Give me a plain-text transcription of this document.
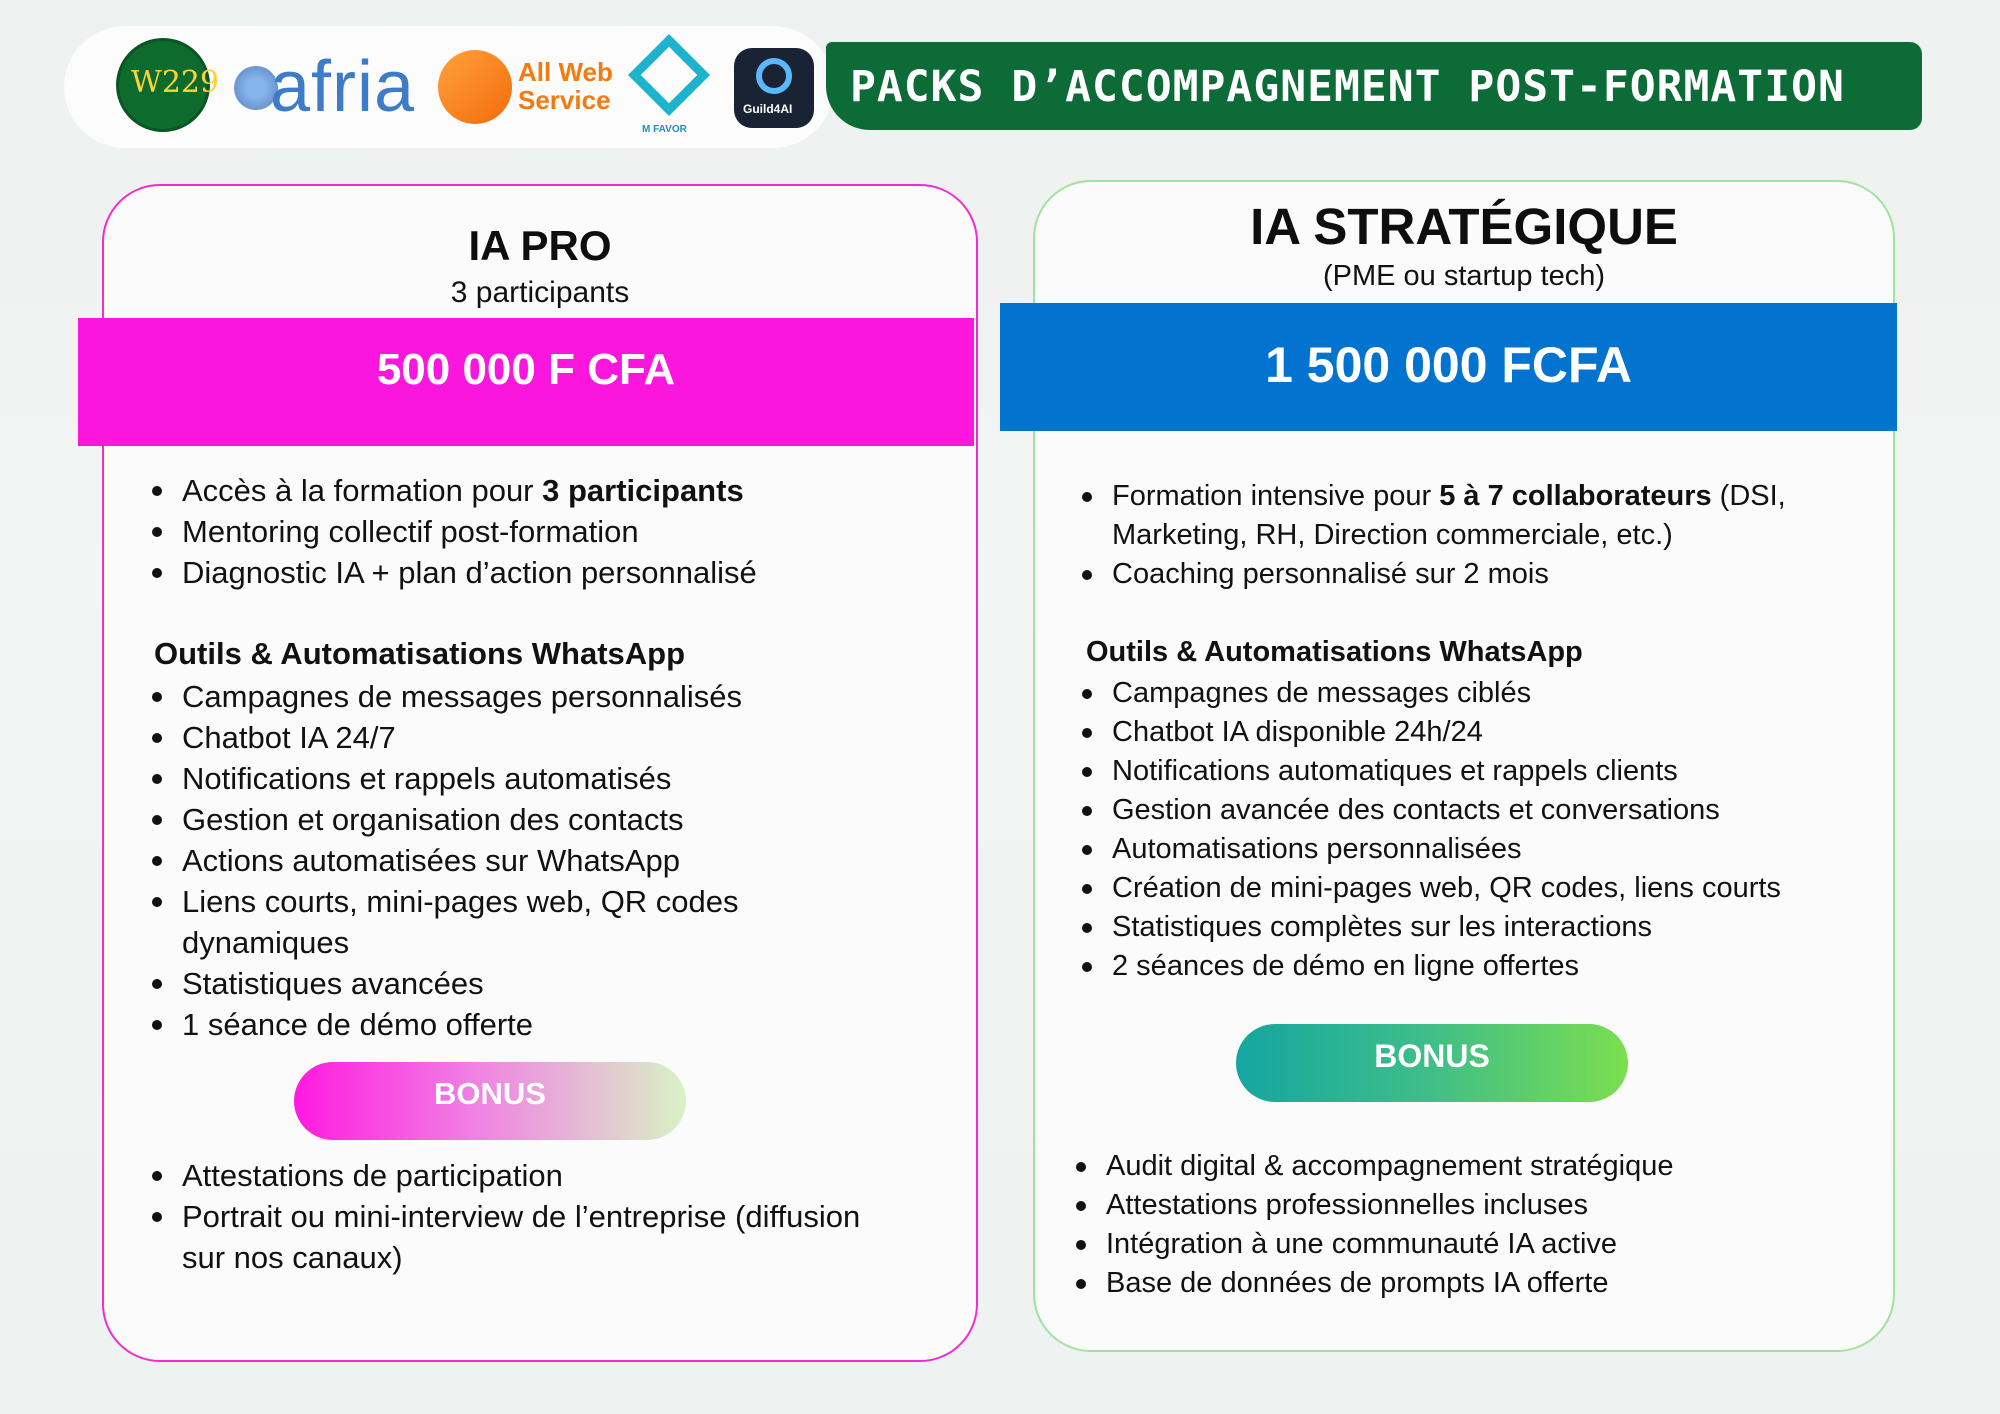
W229 afria	All Web
Service
M FAVOR
Guild4AI PACKS D’ACCOMPAGNEMENT POST-FORMATION
IA PRO
3 participants
500 000 F CFA
Accès à la formation pour 3 participants
Mentoring collectif post-formation
Diagnostic IA + plan d’action personnalisé
Outils & Automatisations WhatsApp
Campagnes de messages personnalisés
Chatbot IA 24/7
Notifications et rappels automatisés
Gestion et organisation des contacts
Actions automatisées sur WhatsApp
Liens courts, mini-pages web, QR codes dynamiques
Statistiques avancées
1 séance de démo offerte
BONUS
Attestations de participation
Portrait ou mini-interview de l’entreprise (diffusion sur nos canaux)
IA STRATÉGIQUE
(PME ou startup tech)
1 500 000 FCFA
Formation intensive pour 5 à 7 collaborateurs (DSI, Marketing, RH, Direction commerciale, etc.)
Coaching personnalisé sur 2 mois
Outils & Automatisations WhatsApp
Campagnes de messages ciblés
Chatbot IA disponible 24h/24
Notifications automatiques et rappels clients
Gestion avancée des contacts et conversations
Automatisations personnalisées
Création de mini-pages web, QR codes, liens courts
Statistiques complètes sur les interactions
2 séances de démo en ligne offertes
BONUS
Audit digital & accompagnement stratégique
Attestations professionnelles incluses
Intégration à une communauté IA active
Base de données de prompts IA offerte
